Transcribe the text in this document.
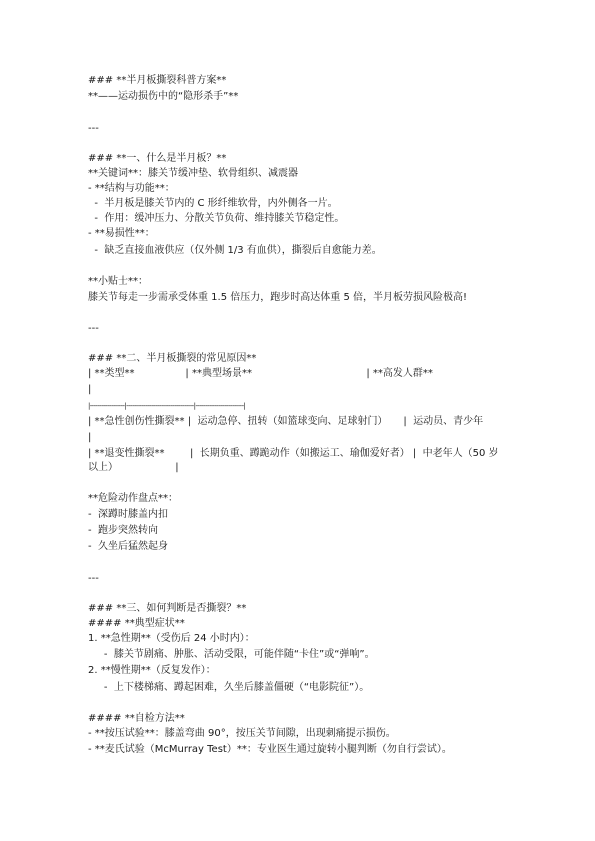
### **半月板撕裂科普方案**
**——运动损伤中的“隐形杀手”**
---
### **一、什么是半月板？**
**关键词**：膝关节缓冲垫、软骨组织、减震器
- **结构与功能**：
-  半月板是膝关节内的 C 形纤维软骨，内外侧各一片。
-  作用：缓冲压力、分散关节负荷、维持膝关节稳定性。
- **易损性**：
-  缺乏直接血液供应（仅外侧 1/3 有血供），撕裂后自愈能力差。
**小贴士**：
膝关节每走一步需承受体重 1.5 倍压力，跑步时高达体重 5 倍，半月板劳损风险极高!
---
### **二、半月板撕裂的常见原因**
| **类型**                | **典型场景**                                    | **高发人群**
|
|------------------|-----------------------------------|-------------------------|
| **急性创伤性撕裂** |  运动急停、扭转（如篮球变向、足球射门）     |  运动员、青少年
|
| **退变性撕裂**        |  长期负重、蹲跪动作（如搬运工、瑜伽爱好者） |  中老年人（50 岁
以上）                  |
**危险动作盘点**：
-  深蹲时膝盖内扣
-  跑步突然转向
-  久坐后猛然起身
---
### **三、如何判断是否撕裂？**
#### **典型症状**
1. **急性期**（受伤后 24 小时内）：
-  膝关节剧痛、肿胀、活动受限，可能伴随“卡住”或“弹响”。
2. **慢性期**（反复发作）：
-  上下楼梯痛、蹲起困难，久坐后膝盖僵硬（“电影院征”）。
#### **自检方法**
- **按压试验**：膝盖弯曲 90°，按压关节间隙，出现刺痛提示损伤。
- **麦氏试验（McMurray Test）**：专业医生通过旋转小腿判断（勿自行尝试）。
